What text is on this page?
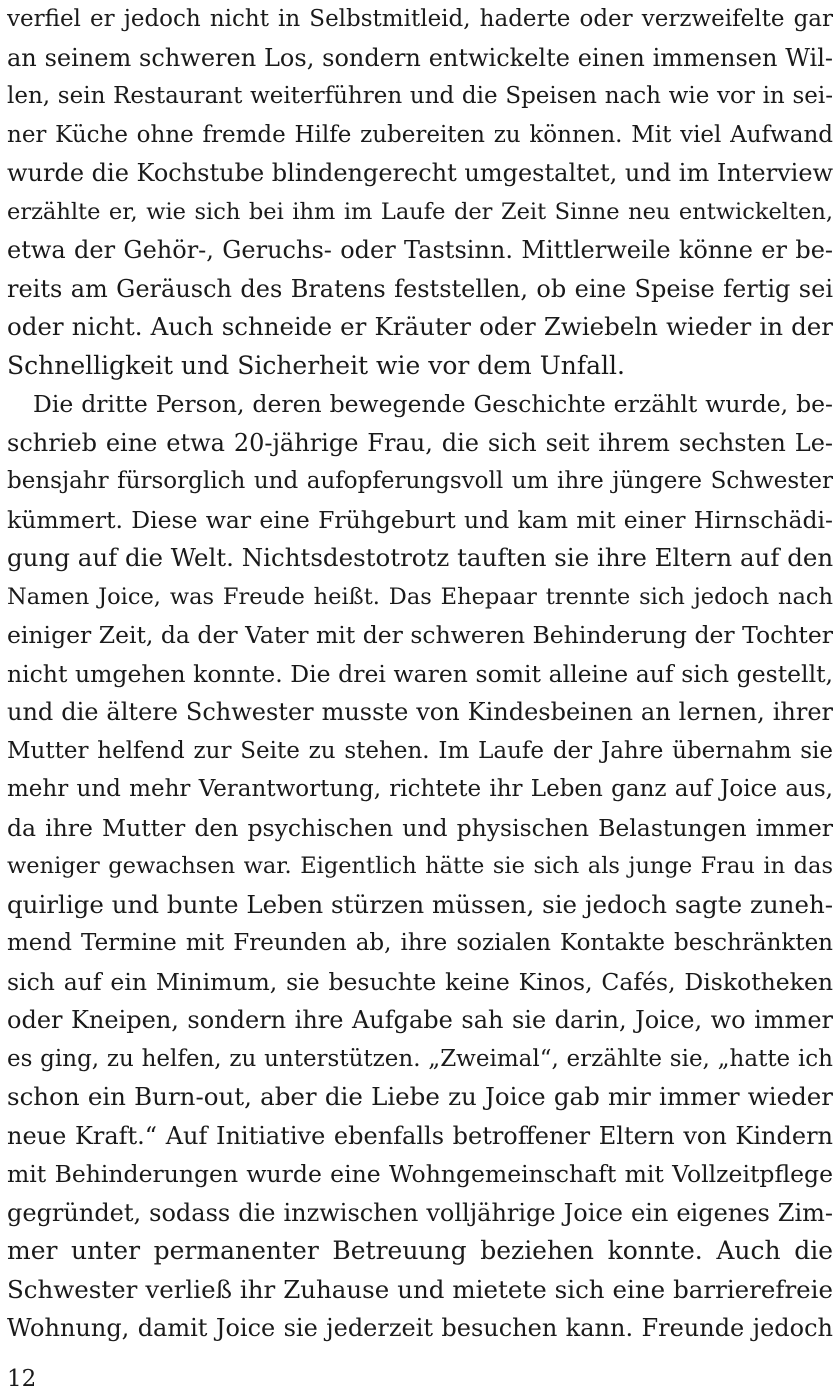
verfiel er jedoch nicht in Selbstmitleid, haderte oder verzweifelte gar
an seinem schweren Los, sondern entwickelte einen immensen Wil-
len, sein Restaurant weiterführen und die Speisen nach wie vor in sei-
ner Küche ohne fremde Hilfe zubereiten zu können. Mit viel Aufwand
wurde die Kochstube blindengerecht umgestaltet, und im Interview
erzählte er, wie sich bei ihm im Laufe der Zeit Sinne neu entwickelten,
etwa der Gehör-, Geruchs- oder Tastsinn. Mittlerweile könne er be-
reits am Geräusch des Bratens feststellen, ob eine Speise fertig sei
oder nicht. Auch schneide er Kräuter oder Zwiebeln wieder in der
Schnelligkeit und Sicherheit wie vor dem Unfall.
Die dritte Person, deren bewegende Geschichte erzählt wurde, be-
schrieb eine etwa 20-jährige Frau, die sich seit ihrem sechsten Le-
bensjahr fürsorglich und aufopferungsvoll um ihre jüngere Schwester
kümmert. Diese war eine Frühgeburt und kam mit einer Hirnschädi-
gung auf die Welt. Nichtsdestotrotz tauften sie ihre Eltern auf den
Namen Joice, was Freude heißt. Das Ehepaar trennte sich jedoch nach
einiger Zeit, da der Vater mit der schweren Behinderung der Tochter
nicht umgehen konnte. Die drei waren somit alleine auf sich gestellt,
und die ältere Schwester musste von Kindesbeinen an lernen, ihrer
Mutter helfend zur Seite zu stehen. Im Laufe der Jahre übernahm sie
mehr und mehr Verantwortung, richtete ihr Leben ganz auf Joice aus,
da ihre Mutter den psychischen und physischen Belastungen immer
weniger gewachsen war. Eigentlich hätte sie sich als junge Frau in das
quirlige und bunte Leben stürzen müssen, sie jedoch sagte zuneh-
mend Termine mit Freunden ab, ihre sozialen Kontakte beschränkten
sich auf ein Minimum, sie besuchte keine Kinos, Cafés, Diskotheken
oder Kneipen, sondern ihre Aufgabe sah sie darin, Joice, wo immer
es ging, zu helfen, zu unterstützen. „Zweimal“, erzählte sie, „hatte ich
schon ein Burn-out, aber die Liebe zu Joice gab mir immer wieder
neue Kraft.“ Auf Initiative ebenfalls betroffener Eltern von Kindern
mit Behinderungen wurde eine Wohngemeinschaft mit Vollzeitpflege
gegründet, sodass die inzwischen volljährige Joice ein eigenes Zim-
mer unter permanenter Betreuung beziehen konnte. Auch die
Schwester verließ ihr Zuhause und mietete sich eine barrierefreie
Wohnung, damit Joice sie jederzeit besuchen kann. Freunde jedoch
12
